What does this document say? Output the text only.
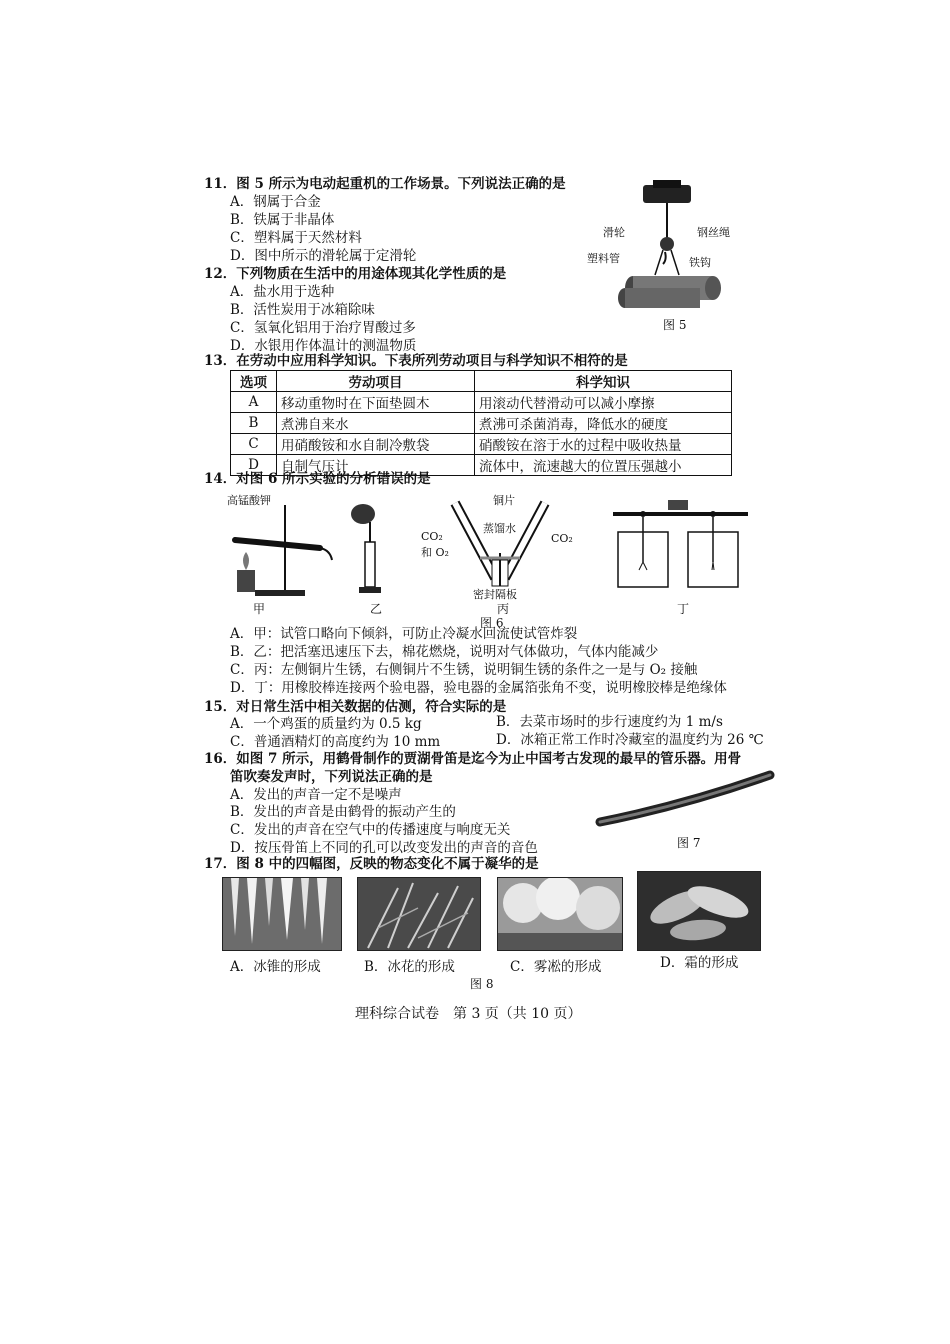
11．图 5 所示为电动起重机的工作场景。下列说法正确的是
A．钢属于合金
B．铁属于非晶体
C．塑料属于天然材料
D．图中所示的滑轮属于定滑轮
滑轮	钢丝绳
塑料管	铁钩
图 5
12．下列物质在生活中的用途体现其化学性质的是
A．盐水用于选种
B．活性炭用于冰箱除味
C．氢氧化铝用于治疗胃酸过多
D．水银用作体温计的测温物质
13．在劳动中应用科学知识。下表所列劳动项目与科学知识不相符的是
选项	劳动项目	科学知识
A	移动重物时在下面垫圆木	用滚动代替滑动可以减小摩擦
B	煮沸自来水	煮沸可杀菌消毒，降低水的硬度
C	用硝酸铵和水自制冷敷袋	硝酸铵在溶于水的过程中吸收热量
D	自制气压计	流体中，流速越大的位置压强越小
14．对图 6 所示实验的分析错误的是
高锰酸钾
甲	乙
铜片
蒸馏水
CO₂
和 O₂
CO₂
密封隔板
丙	丁
图 6
A．甲：试管口略向下倾斜，可防止冷凝水回流使试管炸裂
B．乙：把活塞迅速压下去，棉花燃烧，说明对气体做功，气体内能减少
C．丙：左侧铜片生锈，右侧铜片不生锈，说明铜生锈的条件之一是与 O₂ 接触
D．丁：用橡胶棒连接两个验电器，验电器的金属箔张角不变，说明橡胶棒是绝缘体
15．对日常生活中相关数据的估测，符合实际的是
A．一个鸡蛋的质量约为 0.5 kg	B．去菜市场时的步行速度约为 1 m/s
C．普通酒精灯的高度约为 10 mm	D．冰箱正常工作时冷藏室的温度约为 26 ℃
16．如图 7 所示，用鹤骨制作的贾湖骨笛是迄今为止中国考古发现的最早的管乐器。用骨
笛吹奏发声时，下列说法正确的是
A．发出的声音一定不是噪声
B．发出的声音是由鹤骨的振动产生的
C．发出的声音在空气中的传播速度与响度无关
D．按压骨笛上不同的孔可以改变发出的声音的音色	图 7
17．图 8 中的四幅图，反映的物态变化不属于凝华的是
A．冰锥的形成	B．冰花的形成	C．雾凇的形成	D．霜的形成
图 8
理科综合试卷　第 3 页（共 10 页）
